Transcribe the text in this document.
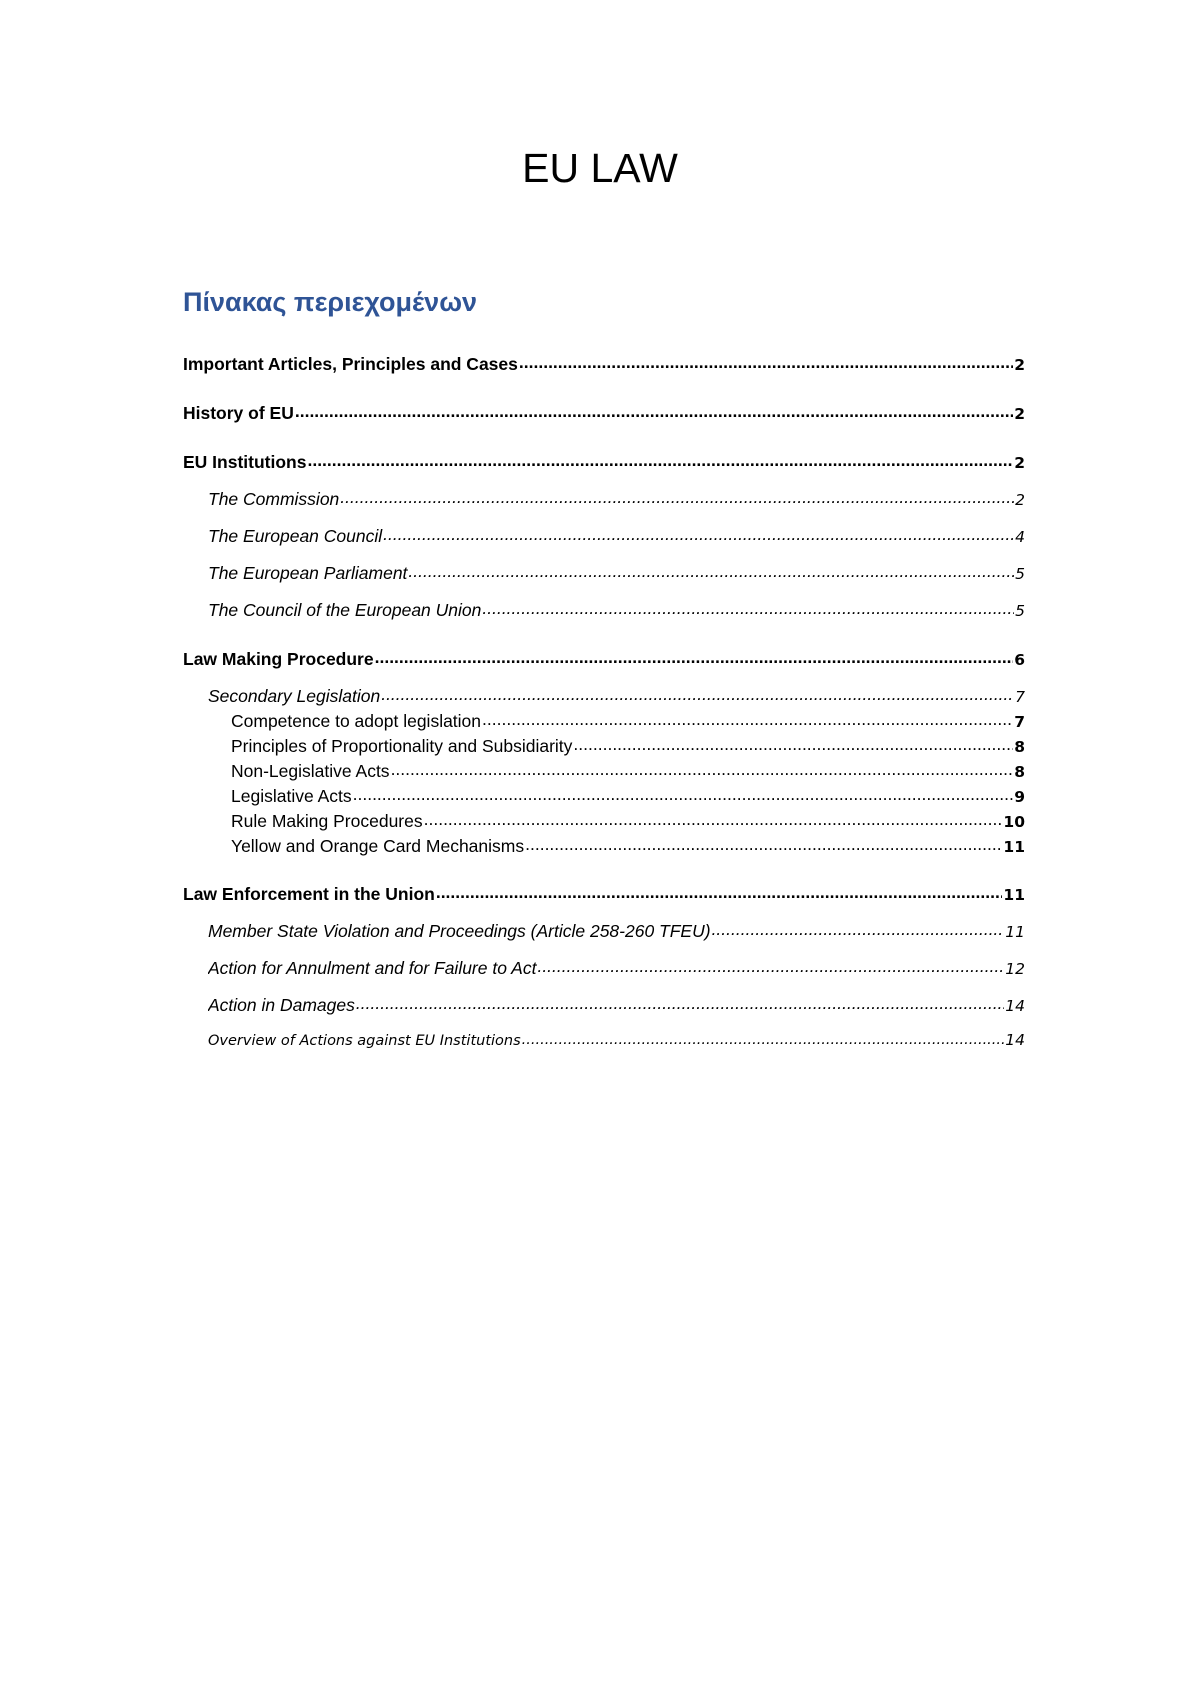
EU LAW
Πίνακας περιεχομένων
Important Articles, Principles and Cases .....	2
History of EU .....	2
EU Institutions .....	2
The Commission .....	2
The European Council .....	4
The European Parliament .....	5
The Council of the European Union .....	5
Law Making Procedure .....	6
Secondary Legislation .....	7
Competence to adopt legislation .....	7
Principles of Proportionality and Subsidiarity .....	8
Non-Legislative Acts .....	8
Legislative Acts .....	9
Rule Making Procedures .....	10
Yellow and Orange Card Mechanisms .....	11
Law Enforcement in the Union .....	11
Member State Violation and Proceedings (Article 258-260 TFEU) .....	11
Action for Annulment and for Failure to Act .....	12
Action in Damages .....	14
Overview of Actions against EU Institutions .....	14
